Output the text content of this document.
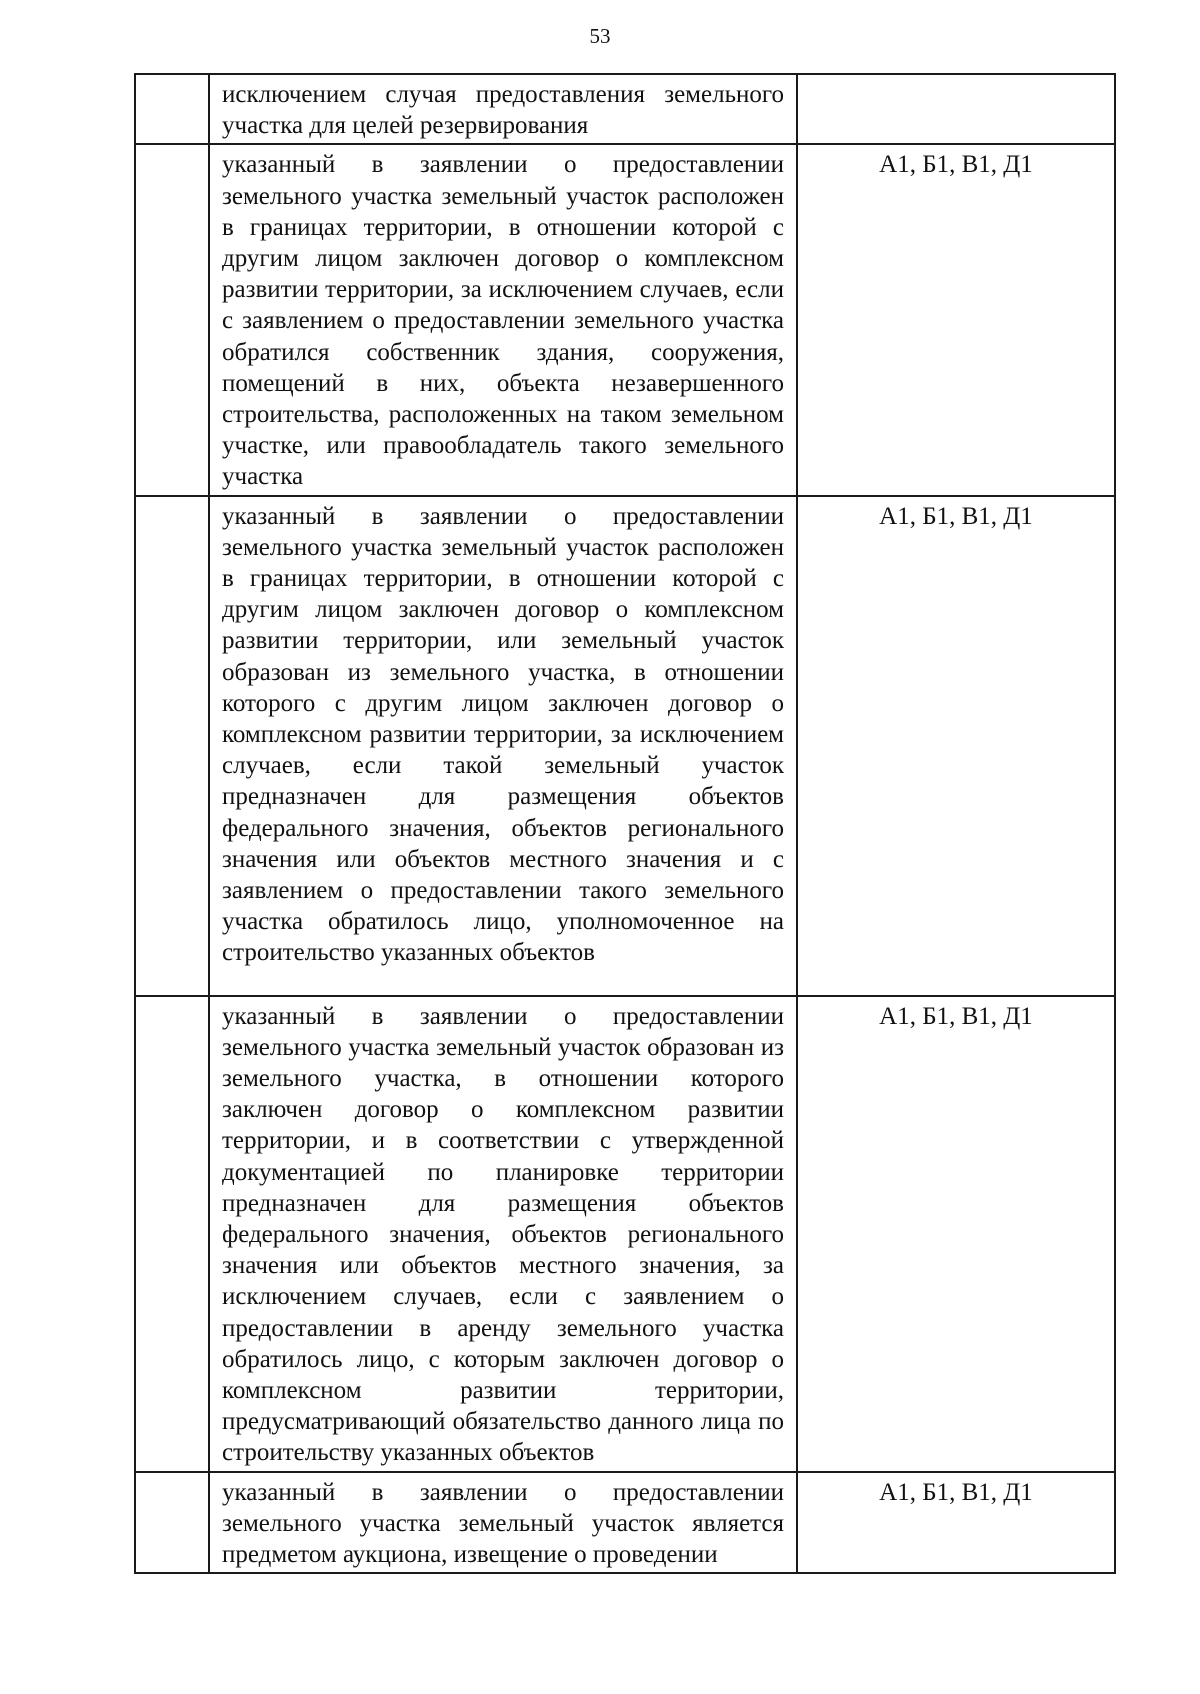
53

	исключением случая предоставления земельного участка для целей резервирования	

	указанный в заявлении о предоставлении земельного участка земельный участок расположен в границах территории, в отношении которой с другим лицом заключен договор о комплексном развитии территории, за исключением случаев, если с заявлением о предоставлении земельного участка обратился собственник здания, сооружения, помещений в них, объекта незавершенного строительства, расположенных на таком земельном участке, или правообладатель такого земельного участка	А1, Б1, В1, Д1

	указанный в заявлении о предоставлении земельного участка земельный участок расположен в границах территории, в отношении которой с другим лицом заключен договор о комплексном развитии территории, или земельный участок образован из земельного участка, в отношении которого с другим лицом заключен договор о комплексном развитии территории, за исключением случаев, если такой земельный участок предназначен для размещения объектов федерального значения, объектов регионального значения или объектов местного значения и с заявлением о предоставлении такого земельного участка обратилось лицо, уполномоченное на строительство указанных объектов	А1, Б1, В1, Д1

	указанный в заявлении о предоставлении земельного участка земельный участок образован из земельного участка, в отношении которого заключен договор о комплексном развитии территории, и в соответствии с утвержденной документацией по планировке территории предназначен для размещения объектов федерального значения, объектов регионального значения или объектов местного значения, за исключением случаев, если с заявлением о предоставлении в аренду земельного участка обратилось лицо, с которым заключен договор о комплексном развитии территории, предусматривающий обязательство данного лица по строительству указанных объектов	А1, Б1, В1, Д1

	указанный в заявлении о предоставлении земельного участка земельный участок является предметом аукциона, извещение о проведении	А1, Б1, В1, Д1
